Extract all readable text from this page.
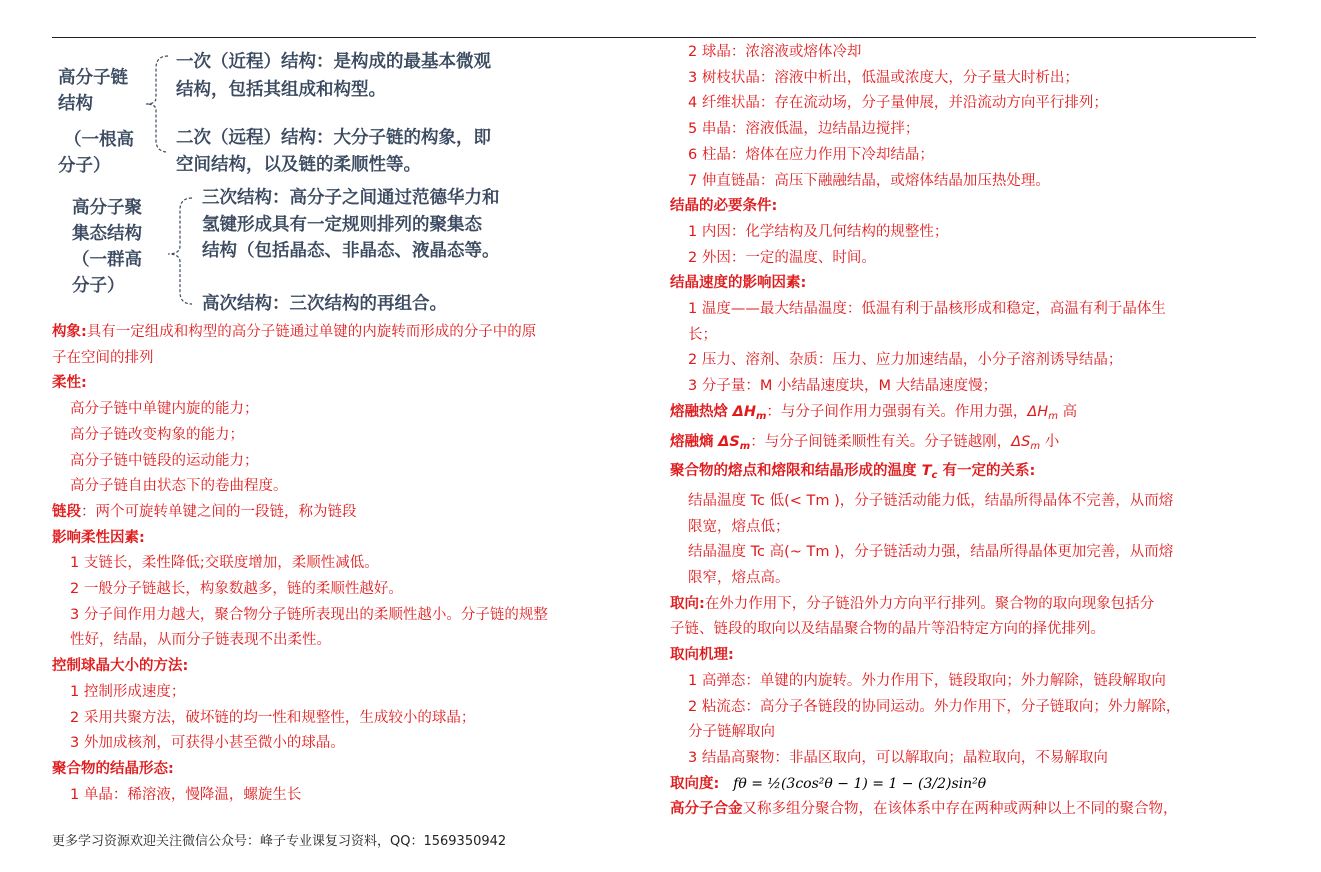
高分子链
结构
（一根高
分子）
一次（近程）结构：是构成的最基本微观
结构，包括其组成和构型。
二次（远程）结构：大分子链的构象，即
空间结构，以及链的柔顺性等。
高分子聚
集态结构
（一群高
分子）
三次结构：高分子之间通过范德华力和
氢键形成具有一定规则排列的聚集态
结构（包括晶态、非晶态、液晶态等。
高次结构：三次结构的再组合。
构象:具有一定组成和构型的高分子链通过单键的内旋转而形成的分子中的原
子在空间的排列
柔性:
高分子链中单键内旋的能力；
高分子链改变构象的能力；
高分子链中链段的运动能力；
高分子链自由状态下的卷曲程度。
链段：两个可旋转单键之间的一段链，称为链段
影响柔性因素:
1 支链长，柔性降低;交联度增加，柔顺性减低。
2 一般分子链越长，构象数越多，链的柔顺性越好。
3 分子间作用力越大，聚合物分子链所表现出的柔顺性越小。分子链的规整
性好，结晶，从而分子链表现不出柔性。
控制球晶大小的方法:
1 控制形成速度；
2 采用共聚方法，破坏链的均一性和规整性，生成较小的球晶；
3 外加成核剂，可获得小甚至微小的球晶。
聚合物的结晶形态:
1 单晶：稀溶液，慢降温，螺旋生长
2 球晶：浓溶液或熔体冷却
3 树枝状晶：溶液中析出，低温或浓度大，分子量大时析出；
4 纤维状晶：存在流动场，分子量伸展，并沿流动方向平行排列；
5 串晶：溶液低温，边结晶边搅拌；
6 柱晶：熔体在应力作用下冷却结晶；
7 伸直链晶：高压下融融结晶，或熔体结晶加压热处理。
结晶的必要条件:
1 内因：化学结构及几何结构的规整性；
2 外因：一定的温度、时间。
结晶速度的影响因素:
1 温度——最大结晶温度：低温有利于晶核形成和稳定，高温有利于晶体生
长；
2 压力、溶剂、杂质：压力、应力加速结晶，小分子溶剂诱导结晶；
3 分子量：M 小结晶速度块，M 大结晶速度慢；
熔融热焓 $\Delta H_m$：与分子间作用力强弱有关。作用力强，$\Delta H_m$ 高
熔融熵 $\Delta S_m$：与分子间链柔顺性有关。分子链越刚，$\Delta S_m$ 小
聚合物的熔点和熔限和结晶形成的温度 $T_c$ 有一定的关系:
结晶温度 Tc 低(< Tm )，分子链活动能力低，结晶所得晶体不完善，从而熔
限宽，熔点低；
结晶温度 Tc 高(~ Tm )，分子链活动力强，结晶所得晶体更加完善，从而熔
限窄，熔点高。
取向:在外力作用下，分子链沿外力方向平行排列。聚合物的取向现象包括分
子链、链段的取向以及结晶聚合物的晶片等沿特定方向的择优排列。
取向机理:
1 高弹态：单键的内旋转。外力作用下，链段取向；外力解除，链段解取向
2 粘流态：高分子各链段的协同运动。外力作用下，分子链取向；外力解除，
分子链解取向
3 结晶高聚物：非晶区取向，可以解取向；晶粒取向，不易解取向
取向度: fθ = ½(3cos²θ − 1) = 1 − (3/2)sin²θ
高分子合金又称多组分聚合物，在该体系中存在两种或两种以上不同的聚合物，
更多学习资源欢迎关注微信公众号：峰子专业课复习资料，QQ：1569350942
